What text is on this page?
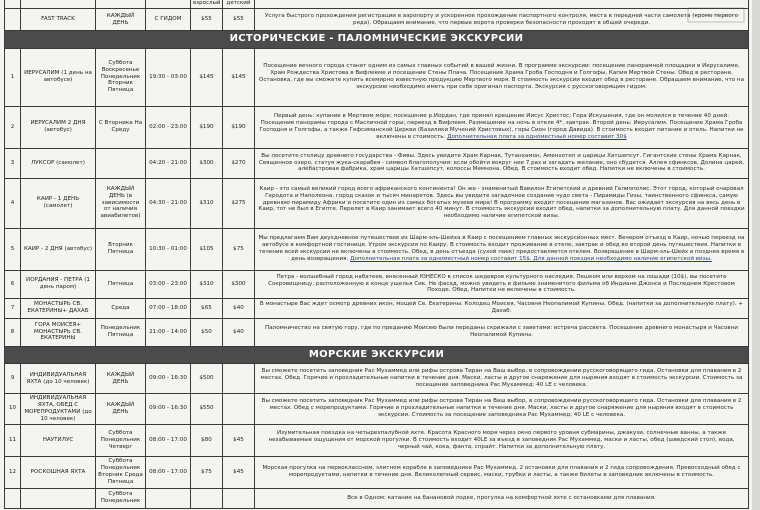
				взрослый	детский	
	FAST TRACK	КАЖДЫЙ ДЕНЬ	С ГИДОМ	$55	$55	Услуга быстрого прохождения регистрации в аэропорту и ускоренное прохождение паспортного контроля, места в передней части самолета (кроме первого ряда). Обращаем внимание, что первые ворота проверки безопасности проходят в общей очереди.
ИСТОРИЧЕСКИЕ - ПАЛОМНИЧЕСКИЕ ЭКСКУРСИИ						
1	ИЕРУСАЛИМ (1 день на автобусе)	Суббота Воскресенье Понедельник Вторник Пятница	19:30 - 03:00	$145	$145	Посещение вечного города станет одним из самых главных событий в вашей жизни. В программе экскурсии: посещение панорамной площадки в Иерусалиме, Храм Рождества Христова в Вифлееме и посещение Стены Плача. Посещение Храма Гроба Господня и Голгофы, Капия Мертвой Стены. Обед в ресторане. Остановка, где вы сможете купить всемирно известную продукцию Мертвого моря. В стоимость экскурсии входит обед в ресторане. Обращаем внимание, что на экскурсию необходимо иметь при себе оригинал паспорта. Экскурсия с русскоговорящим гидом.
2	ИЕРУСАЛИМ 2 ДНЯ (автобус)	С Вторника На Среду	02:00 - 23:00	$190	$190	Первый день: купание в Мертвом море; посещение р.Иордан, где принял крещение Иисус Христос; Гора Искушения, где он молился в течение 40 дней. Посещение панорамы города с Масличной горы; переезд в Вифлеем. Размещение на ночь в отеле 4*, завтрак. Второй день: Иерусалим. Посещение Храма Гроба Господня и Голгофы, а также Гефсиманской Церкви (Базилики Мучений Христовых), горы Сион (город Давида). В стоимость входит питание и отель. Напитки не включены в стоимость. Дополнительная плата за одноместный номер составит 30$
3	ЛУКСОР (самолет)		04:20 - 21:00	$300	$270	Вы посетите столицу древнего государства - Фивы. Здесь увидите Храм Карнак, Тутанхамон, Аменхотеп и царицы Хатшепсут. Гигантские стены Храма Карнак, Священное озеро, статуя жука-скарабея - символ благополучия: если обойти вокруг нее 7 раз и загадать желание, оно сбудется. Аллея сфинксов, Долина царей, алебастровая фабрика, храм царицы Хатшепсут, колоссы Мемнона. Обед. В стоимость входит обед. Напитки не включены в стоимость.
4	КАИР - 1 ДЕНЬ (самолет)	КАЖДЫЙ ДЕНЬ (в зависимости от наличия авиабилетов)	04:30 - 21:00	$310	$275	Каир - это самый великий город всего африканского континента! Он же - знаменитый Вавилон Египетский и древний Гелиополис. Этот город, который очаровал Геродота и Наполеона, город сказок и тысяч минаретов. Здесь вы увидите загадочное создание чудо света - Пирамиды Гизы, таинственного сфинкса, самую древнюю пирамиду Африки и посетите один из самых богатых музеев мира! В программу входит посещение магазинов. Вас ожидает экскурсия на весь день в Каир, тот не был в Египте. Перелет в Каир занимает всего 40 минут. В стоимость экскурсии входит обед, напитки за дополнительную плату. Для данной поездки необходимо наличие египетской визы.
5	КАИР - 2 ДНЯ (автобус)	Вторник Пятница	10:30 - 01:00	$105	$75	Мы предлагаем Вам двухдневное путешествие из Шарм-эль-Шейха в Каир с посещением главных экскурсионных мест. Вечером отъезд в Каир, ночью переезд на автобусе в комфортной гостинице. Утром экскурсия по Каиру. В стоимость входит проживание в отеле, завтрак и обед во второй день путешествия. Напитки в течение всей экскурсии не включены в стоимость. Обед, в день отъезда (сухой паек) предоставляется отелем. Возвращение в Шарм-эль-Шейх в позднее время в день возвращения. Дополнительная плата за одноместный номер составит 15$. Для данной поездки необходимо наличие египетской визы.
6	ИОРДАНИЯ - ПЕТРА (1 день паром)	Пятница	03:00 - 23:00	$310	$300	Петра - волшебный город набатеев, внесенный ЮНЕСКО в список шедевров культурного наследия. Пешком или верхом на лошади (10$), вы посетите Сокровищницу, расположенную в конце ущелья Сик. Не фасад, можно увидеть в фильме знаменитого фильма об Индиане Джонсе и Последнем Крестовом Походе. Обед. Напитки не включены в стоимость.
7	МОНАСТЫРЬ СВ. ЕКАТЕРИНЫ+ ДАХАБ	Среда	07:00 - 18:00	$65	$40	В монастыре Вас ждет осмотр древних икон, мощей Св. Екатерины. Колодец Моисея, Часовня Неопалимой Купины. Обед. (напитки за дополнительную плату). + Дахаб.
8	ГОРА МОИСЕЯ+ МОНАСТЫРЬ СВ. ЕКАТЕРИНЫ	Понедельник Пятница	21:00 - 14:00	$50	$40	Паломничество на святую гору, где по преданию Моисею были переданы скрижали с заветами: встреча рассвета. Посещение древнего монастыря и Часовни Неопалимой Купины.
МОРСКИЕ ЭКСКУРСИИ						
9	ИНДИВИДУАЛЬНАЯ ЯХТА (до 10 человек)	КАЖДЫЙ ДЕНЬ	09:00 - 16:30	$500		Вы сможете посетить заповедник Рас Мухаммед или рифы острова Тиран на Ваш выбор, в сопровождении русскоговорящего гида. Остановки для плавания в 2 местах. Обед. Горячие и прохладительные напитки в течение дня. Маски, ласты и другое снаряжение для ныряния входят в стоимость экскурсии. Стоимость за посещение заповедника Рас Мухаммед: 40 LE с человека.
10	ИНДИВИДУАЛЬНАЯ ЯХТА, ОБЕД С МОРЕПРОДУКТАМИ (до 10 человек)	КАЖДЫЙ ДЕНЬ	09:00 - 16:30	$550		Вы сможете посетить заповедник Рас Мухаммед или рифы острова Тиран на Ваш выбор, в сопровождении русскоговорящего гида. Остановки для плавания в 2 местах. Обед с морепродуктами. Горячие и прохладительные напитки в течение дня. Маски, ласты и другое снаряжение для ныряния входят в стоимость экскурсии. Стоимость за посещение заповедника Рас Мухаммед: 40 LE с человека.
11	НАУТИЛУС	Суббота Понедельник Четверг	08:00 - 17:00	$80	$45	Изумительная поездка на четырехпалубной яхте. Красота Красного моря через окно первого уровня субмарины, джакузи, солнечные ванны, а также незабываемые ощущения от морской прогулки. В стоимость входит 40LE за въезд в заповедник Рас Мухаммед, маски и ласты, обед (шведский стол), вода, черный чай, кока, фанта, спрайт. Напитки за дополнительную плату.
12	РОСКОШНАЯ ЯХТА	Суббота Понедельник Вторник Среда Пятница	08:00 - 17:00	$75	$45	Морская прогулка на первоклассном, элитном корабле в заповеднике Рас Мухаммед. 2 остановки для плавания и 2 гида сопровождения. Превосходный обед с морепродуктами, напитки в течение дня. Великолепный сервис, маски, трубки и ласты, а также билеты в заповедник включены в стоимость.
		Суббота Понедельник				Все в Одном: катание на банановой лодке, прогулка на комфортной яхте с остановками для плавания.
